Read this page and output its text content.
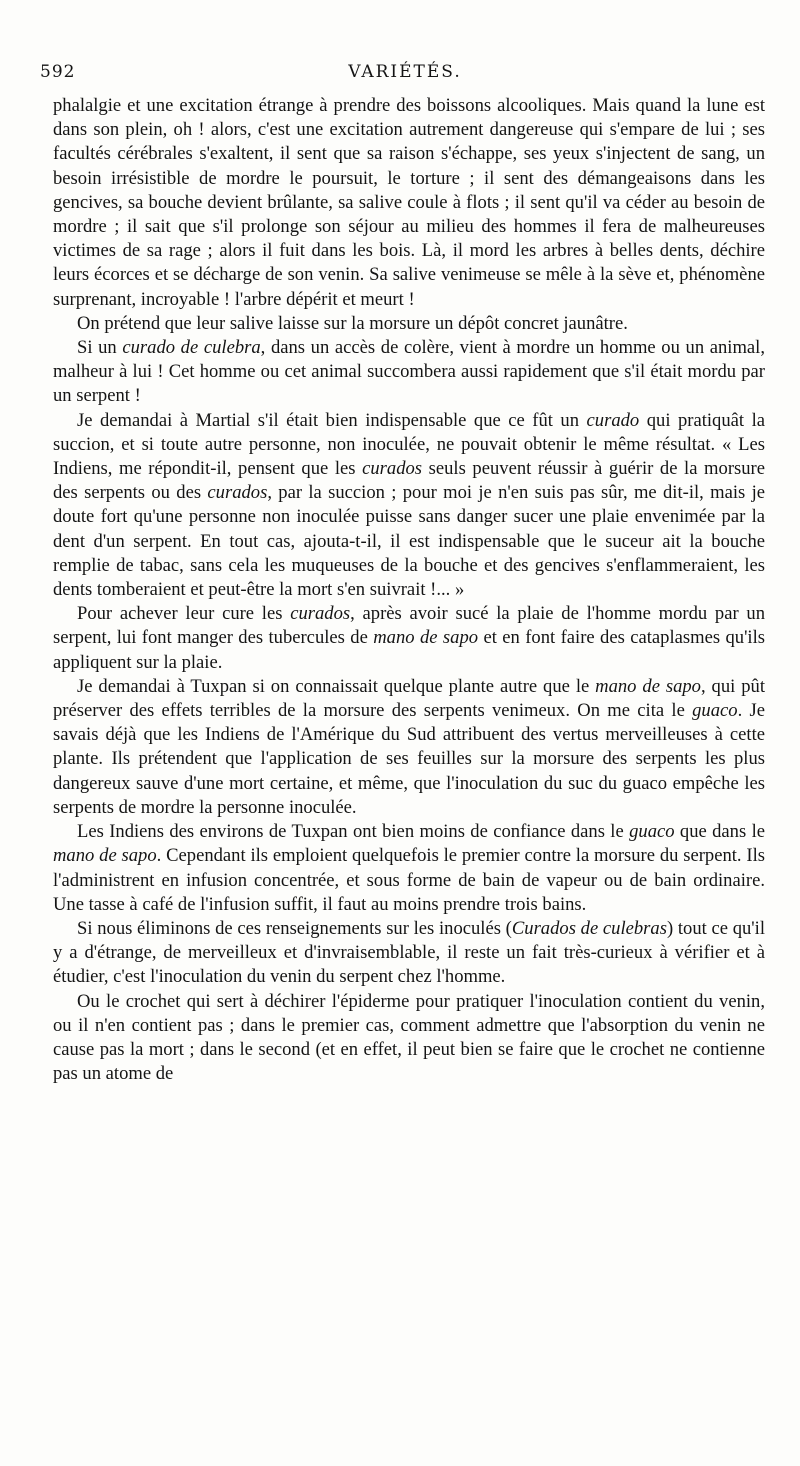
592	VARIÉTÉS.

phalalgie et une excitation étrange à prendre des boissons alcooliques. Mais quand la lune est dans son plein, oh ! alors, c'est une excitation autrement dangereuse qui s'empare de lui ; ses facultés cérébrales s'exaltent, il sent que sa raison s'échappe, ses yeux s'injectent de sang, un besoin irrésistible de mordre le poursuit, le torture ; il sent des démangeaisons dans les gencives, sa bouche devient brûlante, sa salive coule à flots ; il sent qu'il va céder au besoin de mordre ; il sait que s'il prolonge son séjour au milieu des hommes il fera de malheureuses victimes de sa rage ; alors il fuit dans les bois. Là, il mord les arbres à belles dents, déchire leurs écorces et se décharge de son venin. Sa salive venimeuse se mêle à la sève et, phénomène surprenant, incroyable ! l'arbre dépérit et meurt !

On prétend que leur salive laisse sur la morsure un dépôt concret jaunâtre.

Si un curado de culebra, dans un accès de colère, vient à mordre un homme ou un animal, malheur à lui ! Cet homme ou cet animal succombera aussi rapidement que s'il était mordu par un serpent !

Je demandai à Martial s'il était bien indispensable que ce fût un curado qui pratiquât la succion, et si toute autre personne, non inoculée, ne pouvait obtenir le même résultat. « Les Indiens, me répondit-il, pensent que les curados seuls peuvent réussir à guérir de la morsure des serpents ou des curados, par la succion ; pour moi je n'en suis pas sûr, me dit-il, mais je doute fort qu'une personne non inoculée puisse sans danger sucer une plaie envenimée par la dent d'un serpent. En tout cas, ajouta-t-il, il est indispensable que le suceur ait la bouche remplie de tabac, sans cela les muqueuses de la bouche et des gencives s'enflammeraient, les dents tomberaient et peut-être la mort s'en suivrait !... »

Pour achever leur cure les curados, après avoir sucé la plaie de l'homme mordu par un serpent, lui font manger des tubercules de mano de sapo et en font faire des cataplasmes qu'ils appliquent sur la plaie.

Je demandai à Tuxpan si on connaissait quelque plante autre que le mano de sapo, qui pût préserver des effets terribles de la morsure des serpents venimeux. On me cita le guaco. Je savais déjà que les Indiens de l'Amérique du Sud attribuent des vertus merveilleuses à cette plante. Ils prétendent que l'application de ses feuilles sur la morsure des serpents les plus dangereux sauve d'une mort certaine, et même, que l'inoculation du suc du guaco empêche les serpents de mordre la personne inoculée.

Les Indiens des environs de Tuxpan ont bien moins de confiance dans le guaco que dans le mano de sapo. Cependant ils emploient quelquefois le premier contre la morsure du serpent. Ils l'administrent en infusion concentrée, et sous forme de bain de vapeur ou de bain ordinaire. Une tasse à café de l'infusion suffit, il faut au moins prendre trois bains.

Si nous éliminons de ces renseignements sur les inoculés (Curados de culebras) tout ce qu'il y a d'étrange, de merveilleux et d'invraisemblable, il reste un fait très-curieux à vérifier et à étudier, c'est l'inoculation du venin du serpent chez l'homme.

Ou le crochet qui sert à déchirer l'épiderme pour pratiquer l'inoculation contient du venin, ou il n'en contient pas ; dans le premier cas, comment admettre que l'absorption du venin ne cause pas la mort ; dans le second (et en effet, il peut bien se faire que le crochet ne contienne pas un atome de
